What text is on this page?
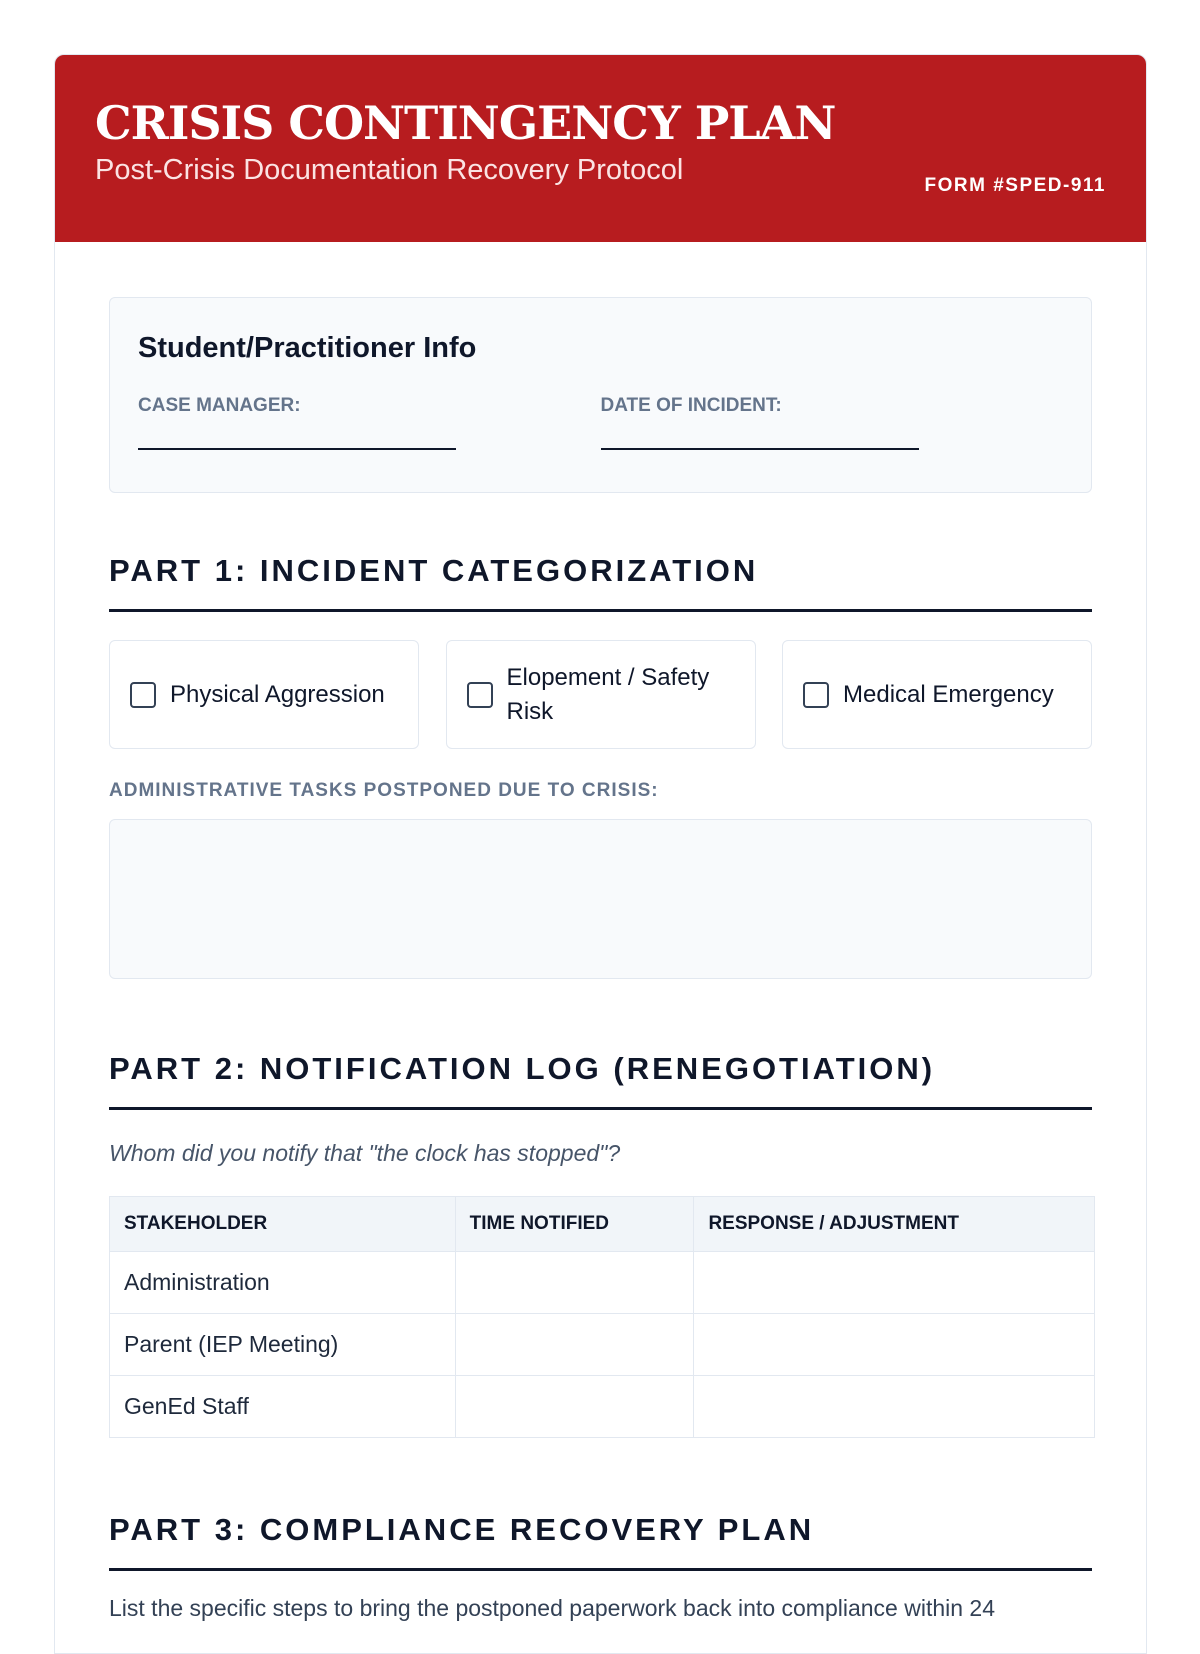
CRISIS CONTINGENCY PLAN
Post-Crisis Documentation Recovery Protocol	FORM #SPED-911
Student/Practitioner Info
CASE MANAGER:	DATE OF INCIDENT:
PART 1: INCIDENT CATEGORIZATION
Physical Aggression
Elopement / Safety Risk
Medical Emergency
ADMINISTRATIVE TASKS POSTPONED DUE TO CRISIS:
PART 2: NOTIFICATION LOG (RENEGOTIATION)
Whom did you notify that "the clock has stopped"?
STAKEHOLDER	TIME NOTIFIED	RESPONSE / ADJUSTMENT
Administration		
Parent (IEP Meeting)		
GenEd Staff		
PART 3: COMPLIANCE RECOVERY PLAN
List the specific steps to bring the postponed paperwork back into compliance within 24
